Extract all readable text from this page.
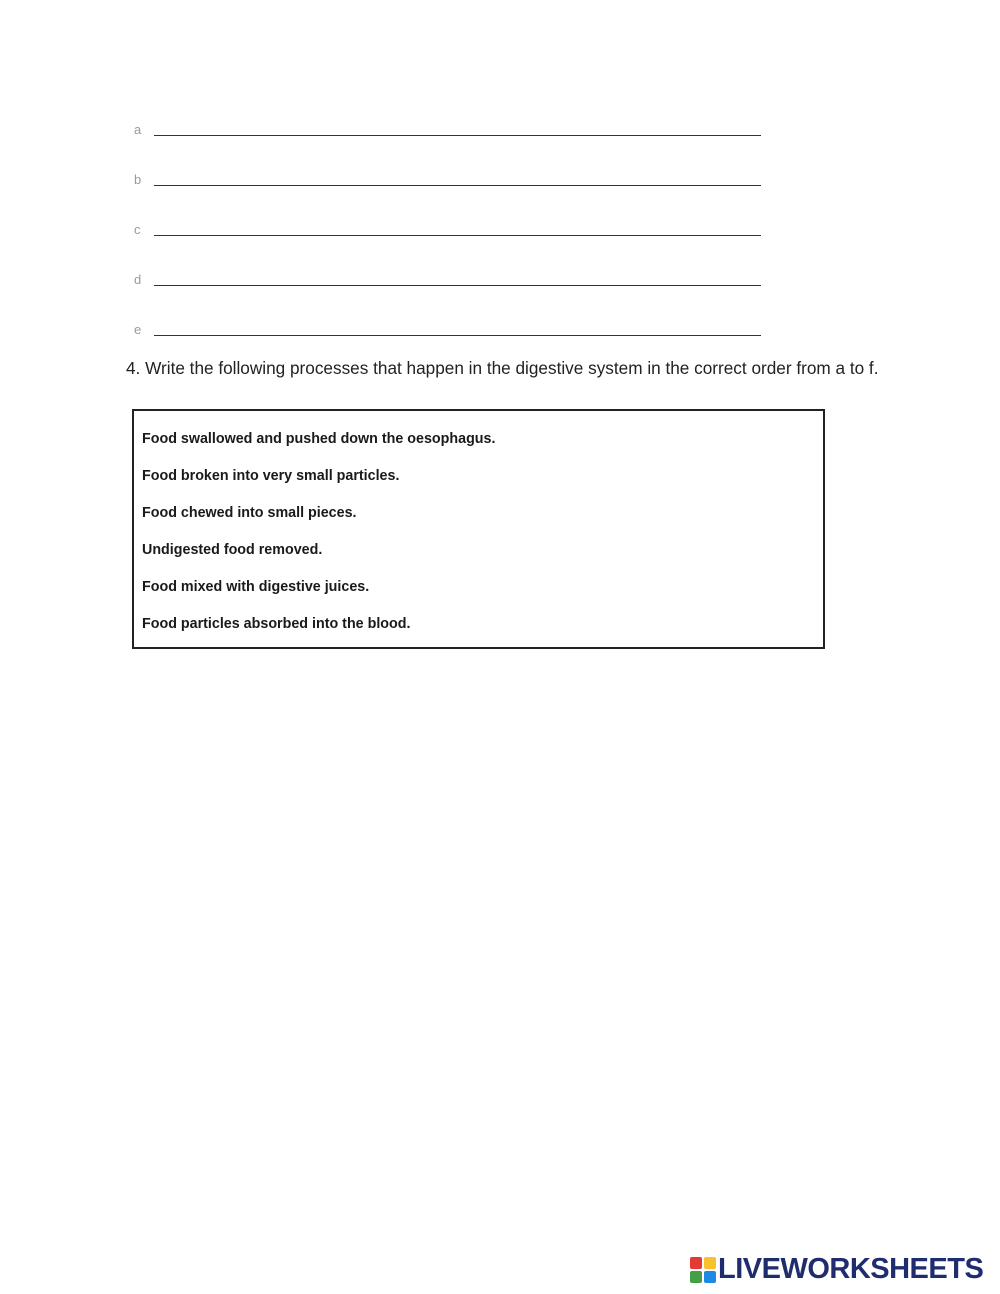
a
b
c
d
e
4. Write the following processes that happen in the digestive system in the correct order from a to f.
Food swallowed and pushed down the oesophagus.
Food broken into very small particles.
Food chewed into small pieces.
Undigested food removed.
Food mixed with digestive juices.
Food particles absorbed into the blood.
LIVEWORKSHEETS
